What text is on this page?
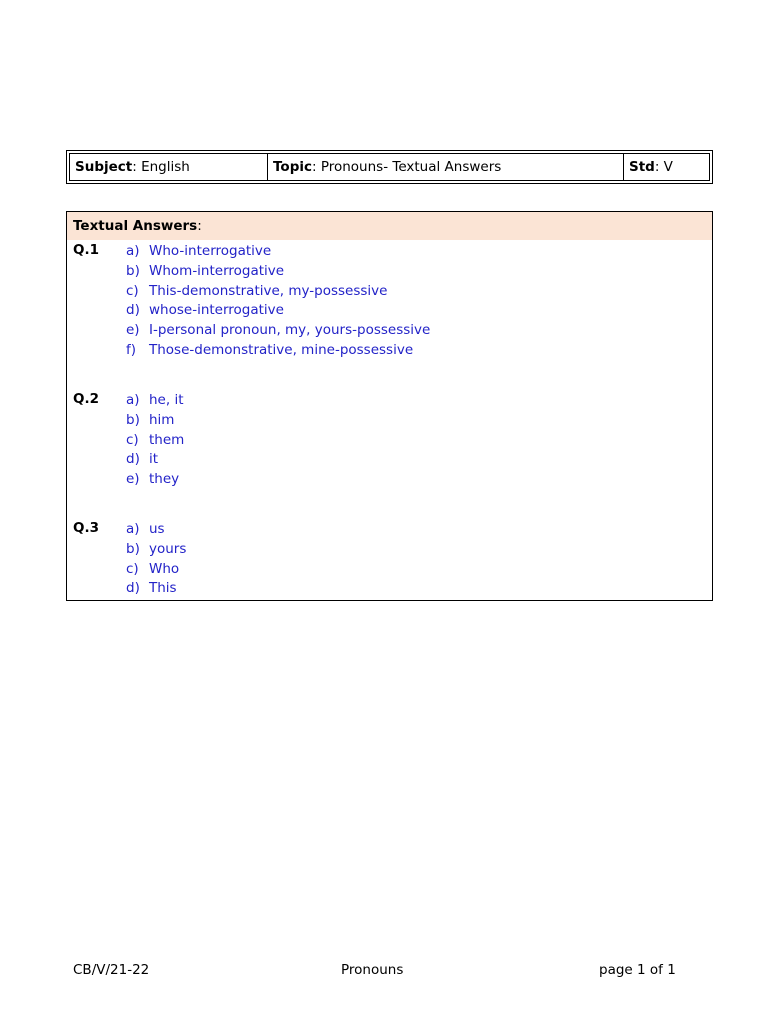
Subject : English	Topic : Pronouns- Textual Answers	Std : V
Textual Answers :
Q.1 a) Who-interrogative
b) Whom-interrogative
c) This-demonstrative, my-possessive
d) whose-interrogative
e) I-personal pronoun, my, yours-possessive
f) Those-demonstrative, mine-possessive
Q.2 a) he, it
b) him
c) them
d) it
e) they
Q.3 a) us
b) yours
c) Who
d) This
CB/V/21-22	Pronouns	page 1 of 1
